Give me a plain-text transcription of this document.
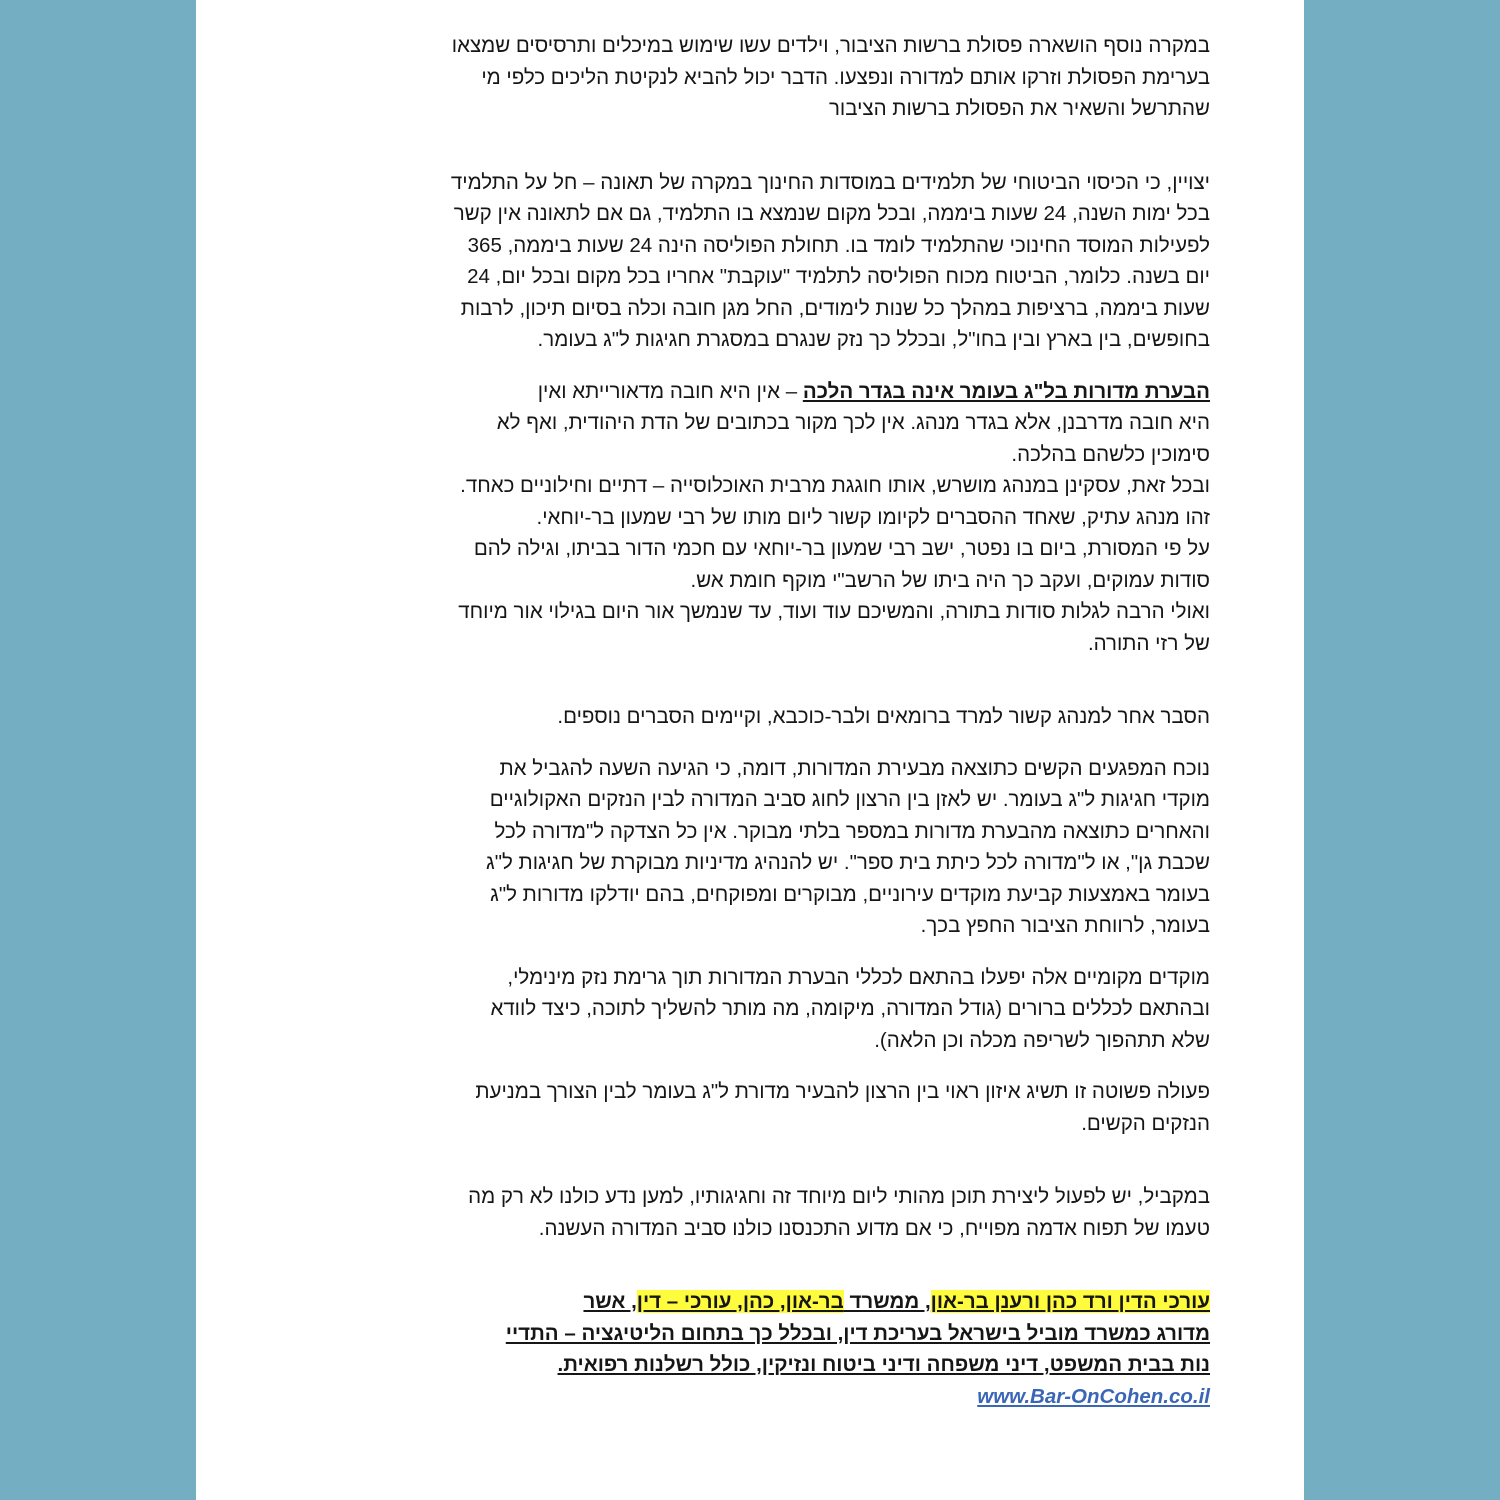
במקרה נוסף הושארה פסולת ברשות הציבור, וילדים עשו שימוש במיכלים ותרסיסים שמצאו
בערימת הפסולת וזרקו אותם למדורה ונפצעו. הדבר יכול להביא לנקיטת הליכים כלפי מי
שהתרשל והשאיר את הפסולת ברשות הציבור

יצויין, כי הכיסוי הביטוחי של תלמידים במוסדות החינוך במקרה של תאונה – חל על התלמיד
בכל ימות השנה, 24 שעות ביממה, ובכל מקום שנמצא בו התלמיד, גם אם לתאונה אין קשר
לפעילות המוסד החינוכי שהתלמיד לומד בו. תחולת הפוליסה הינה 24 שעות ביממה, 365
יום בשנה. כלומר, הביטוח מכוח הפוליסה לתלמיד "עוקבת" אחריו בכל מקום ובכל יום, 24
שעות ביממה, ברציפות במהלך כל שנות לימודים, החל מגן חובה וכלה בסיום תיכון, לרבות
בחופשים, בין בארץ ובין בחו"ל, ובכלל כך נזק שנגרם במסגרת חגיגות ל"ג בעומר.

הבערת מדורות בל"ג בעומר אינה בגדר הלכה – אין היא חובה מדאורייתא ואין
היא חובה מדרבנן, אלא בגדר מנהג. אין לכך מקור בכתובים של הדת היהודית, ואף לא
סימוכין כלשהם בהלכה.
ובכל זאת, עסקינן במנהג מושרש, אותו חוגגת מרבית האוכלוסייה – דתיים וחילוניים כאחד.
זהו מנהג עתיק, שאחד ההסברים לקיומו קשור ליום מותו של רבי שמעון בר-יוחאי.
על פי המסורת, ביום בו נפטר, ישב רבי שמעון בר-יוחאי עם חכמי הדור בביתו, וגילה להם
סודות עמוקים, ועקב כך היה ביתו של הרשב"י מוקף חומת אש.
ואולי הרבה לגלות סודות בתורה, והמשיכם עוד ועוד, עד שנמשך אור היום בגילוי אור מיוחד
של רזי התורה.

הסבר אחר למנהג קשור למרד ברומאים ולבר-כוכבא, וקיימים הסברים נוספים.

נוכח המפגעים הקשים כתוצאה מבעירת המדורות, דומה, כי הגיעה השעה להגביל את
מוקדי חגיגות ל"ג בעומר. יש לאזן בין הרצון לחוג סביב המדורה לבין הנזקים האקולוגיים
והאחרים כתוצאה מהבערת מדורות במספר בלתי מבוקר. אין כל הצדקה ל"מדורה לכל
שכבת גן", או ל"מדורה לכל כיתת בית ספר". יש להנהיג מדיניות מבוקרת של חגיגות ל"ג
בעומר באמצעות קביעת מוקדים עירוניים, מבוקרים ומפוקחים, בהם יודלקו מדורות ל"ג
בעומר, לרווחת הציבור החפץ בכך.

מוקדים מקומיים אלה יפעלו בהתאם לכללי הבערת המדורות תוך גרימת נזק מינימלי,
ובהתאם לכללים ברורים (גודל המדורה, מיקומה, מה מותר להשליך לתוכה, כיצד לוודא
שלא תתהפוך לשריפה מכלה וכן הלאה).

פעולה פשוטה זו תשיג איזון ראוי בין הרצון להבעיר מדורת ל"ג בעומר לבין הצורך במניעת
הנזקים הקשים.

במקביל, יש לפעול ליצירת תוכן מהותי ליום מיוחד זה וחגיגותיו, למען נדע כולנו לא רק מה
טעמו של תפוח אדמה מפוייח, כי אם מדוע התכנסנו כולנו סביב המדורה העשנה.

עורכי הדין ורד כהן ורענן בר-און, ממשרד בר-און, כהן, עורכי – דין, אשר
מדורג כמשרד מוביל בישראל בעריכת דין, ובכלל כך בתחום הליטיגציה – התדיי
נות בבית המשפט, דיני משפחה ודיני ביטוח ונזיקין, כולל רשלנות רפואית.
www.Bar-OnCohen.co.il
